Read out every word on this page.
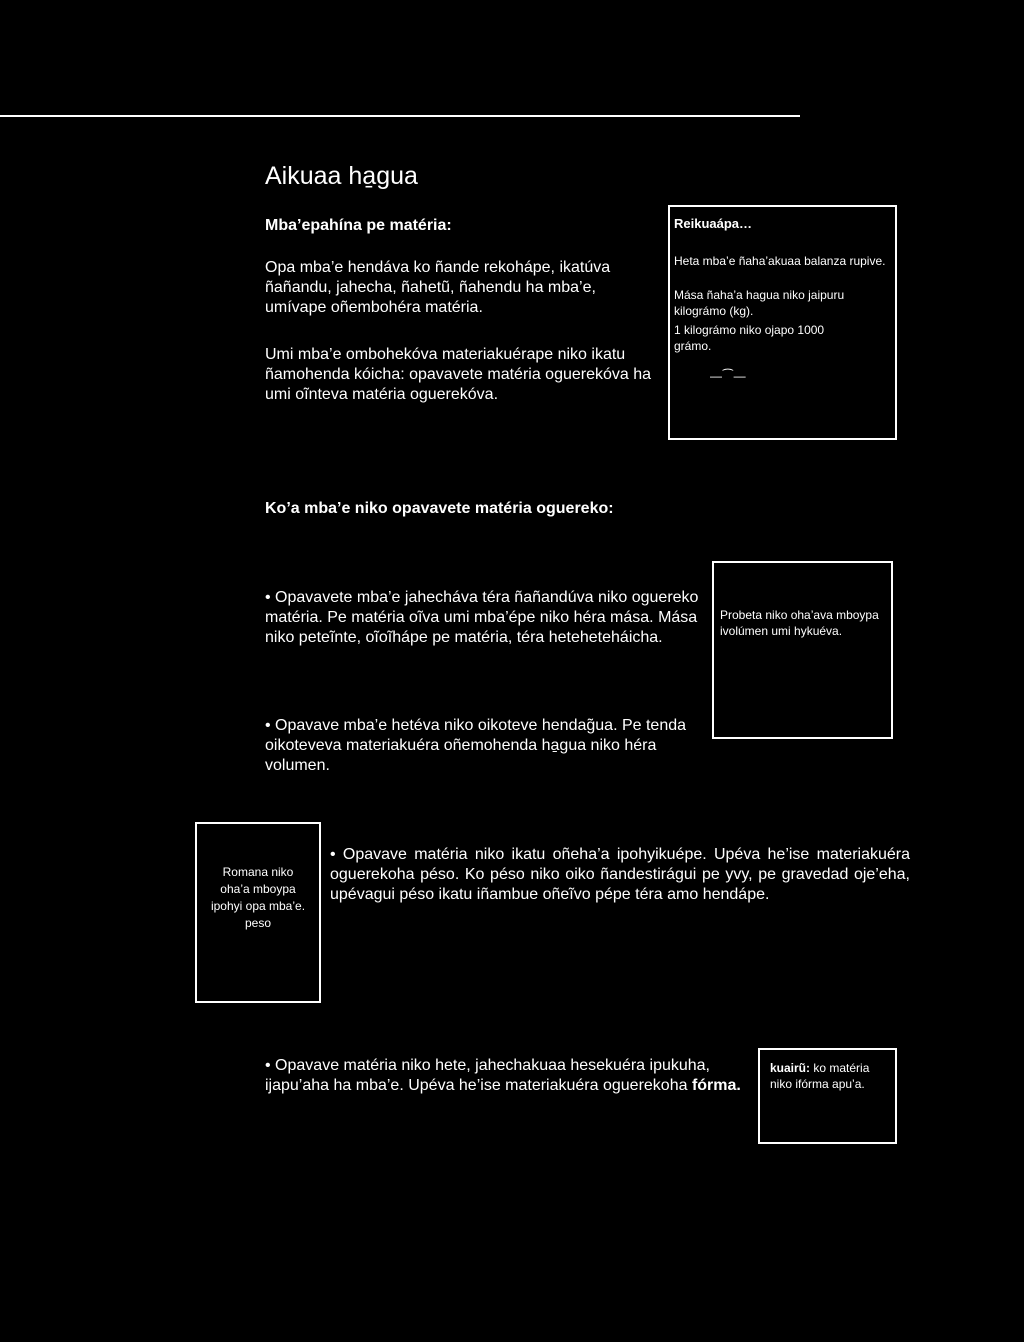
Aikuaa ha̱gua
Mba’epahína pe matéria:

Opa mba’e hendáva ko ñande rekohápe, ikatúva ñañandu, jahecha, ñahetũ, ñahendu ha mba’e, umívape oñembohéra matéria.

Umi mba’e ombohekóva materiakuérape niko ikatu ñamohenda kóicha: opavavete matéria oguerekóva ha umi oĩnteva matéria oguerekóva.

Reikuaápa…

Heta mba’e ñaha’akuaa balanza rupive.

Mása ñaha’a hagua niko jaipuru kilográmo (kg).

1 kilográmo niko ojapo 1000 grámo.

—⁀—
Ko’a mba’e niko opavavete matéria oguereko:

• Opavavete mba’e jahecháva téra ñañandúva niko oguereko matéria. Pe matéria oĩva umi mba’épe niko héra mása. Mása niko peteĩnte, oĩoĩhápe pe matéria, téra heteheteháicha.

Probeta niko oha’ava mboypa ivolúmen umi hykuéva.

• Opavave mba’e hetéva niko oikoteve hendag̃ua. Pe tenda oikoteveva materiakuéra oñemohenda ha̱gua niko héra volumen.

Romana niko
oha’a mboypa
ipohyi opa mba’e.
peso

• Opavave matéria niko ikatu oñeha’a ipohyikuépe. Upéva he’ise materiakuéra oguerekoha péso. Ko péso niko oiko ñandestirágui pe yvy, pe gravedad oje’eha, upévagui péso ikatu iñambue oñeĩvo pépe téra amo hendápe.

• Opavave matéria niko hete, jahechakuaa hesekuéra ipukuha, ijapu’aha ha mba’e. Upéva he’ise materiakuéra oguerekoha fórma.

kuairũ: ko matéria niko ifórma apu’a.
